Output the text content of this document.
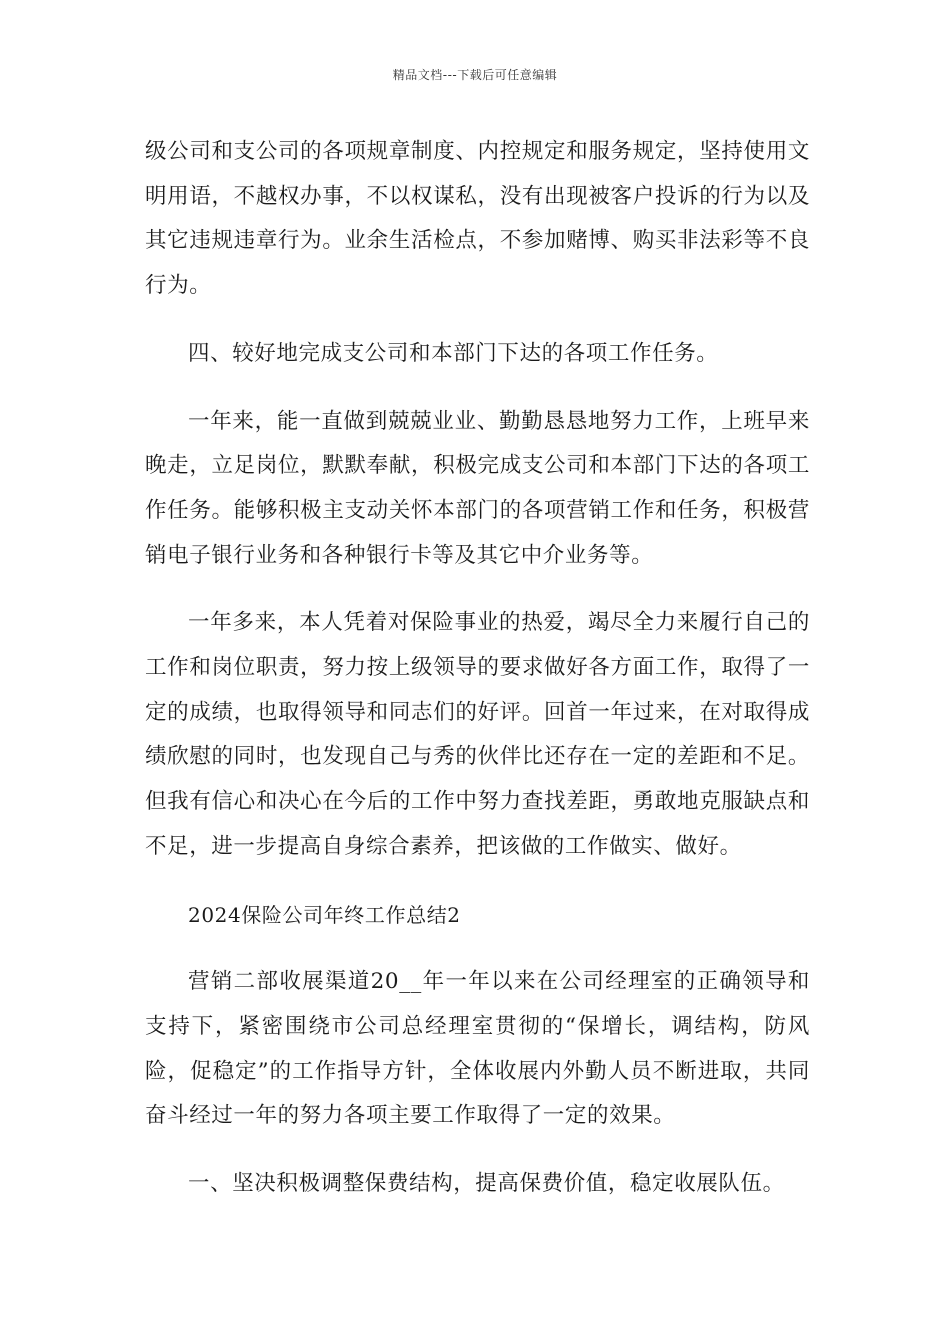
精品文档---下载后可任意编辑

级公司和支公司的各项规章制度、内控规定和服务规定，坚持使用文明用语，不越权办事，不以权谋私，没有出现被客户投诉的行为以及其它违规违章行为。业余生活检点，不参加赌博、购买非法彩等不良行为。

四、较好地完成支公司和本部门下达的各项工作任务。

一年来，能一直做到兢兢业业、勤勤恳恳地努力工作，上班早来晚走，立足岗位，默默奉献，积极完成支公司和本部门下达的各项工作任务。能够积极主支动关怀本部门的各项营销工作和任务，积极营销电子银行业务和各种银行卡等及其它中介业务等。

一年多来，本人凭着对保险事业的热爱，竭尽全力来履行自己的工作和岗位职责，努力按上级领导的要求做好各方面工作，取得了一定的成绩，也取得领导和同志们的好评。回首一年过来，在对取得成绩欣慰的同时，也发现自己与秀的伙伴比还存在一定的差距和不足。但我有信心和决心在今后的工作中努力查找差距，勇敢地克服缺点和不足，进一步提高自身综合素养，把该做的工作做实、做好。

2024保险公司年终工作总结2

营销二部收展渠道20__年一年以来在公司经理室的正确领导和支持下，紧密围绕市公司总经理室贯彻的“保增长，调结构，防风险，促稳定”的工作指导方针，全体收展内外勤人员不断进取，共同奋斗经过一年的努力各项主要工作取得了一定的效果。

一、坚决积极调整保费结构，提高保费价值，稳定收展队伍。
